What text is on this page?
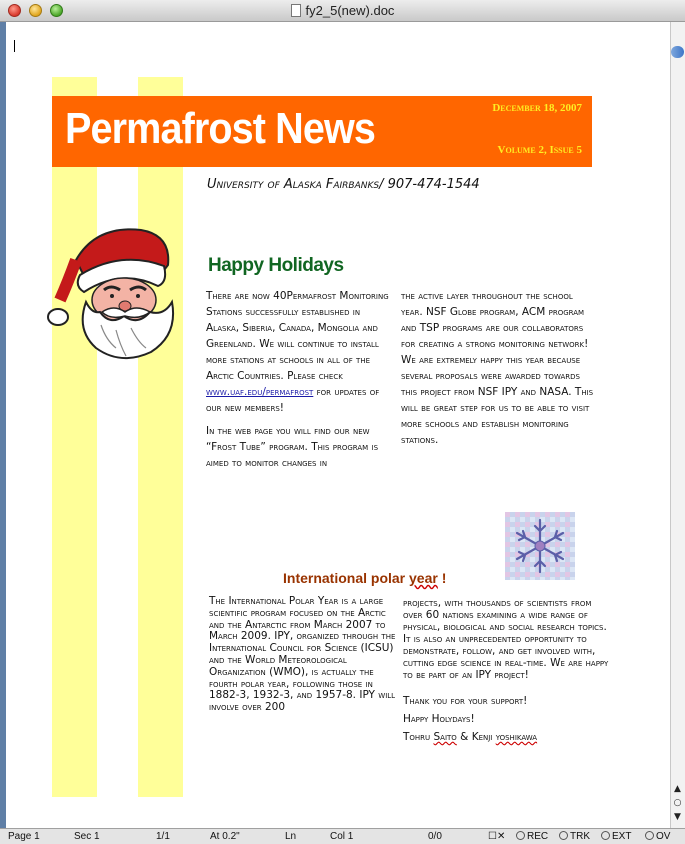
fy2_5(new).doc
▲
○
▼
Permafrost News	December 18, 2007
Volume 2, Issue 5
University of Alaska Fairbanks/ 907-474-1544
Happy Holidays

There are now 40Permafrost Monitoring Stations successfully established in Alaska, Siberia, Canada, Mongolia and Greenland. We will continue to install more stations at schools in all of the Arctic Countries. Please check www.uaf.edu/permafrost for updates of our new members!

In the web page you will find our new “Frost Tube” program. This program is aimed to monitor changes in

the active layer throughout the school year. NSF Globe program, ACM program and TSP programs are our collaborators for creating a strong monitoring network! We are extremely happy this year because several proposals were awarded towards this project from NSF IPY and NASA. This will be great step for us to be able to visit more schools and establish monitoring stations.

International polar year !
The International Polar Year is a large scientific program focused on the Arctic and the Antarctic from March 2007 to March 2009. IPY, organized through the International Council for Science (ICSU) and the World Meteorological Organization (WMO), is actually the fourth polar year, following those in 1882-3, 1932-3, and 1957-8. IPY will involve over 200

projects, with thousands of scientists from over 60 nations examining a wide range of physical, biological and social research topics. It is also an unprecedented opportunity to demonstrate, follow, and get involved with, cutting edge science in real-time. We are happy to be part of an IPY project!

Thank you for your support!

Happy Holydays!

Tohru Saito & Kenji yoshikawa

Page 1	Sec 1	1/1	At 0.2"	Ln	Col 1	0/0	☐✕	REC	TRK	EXT	OV
